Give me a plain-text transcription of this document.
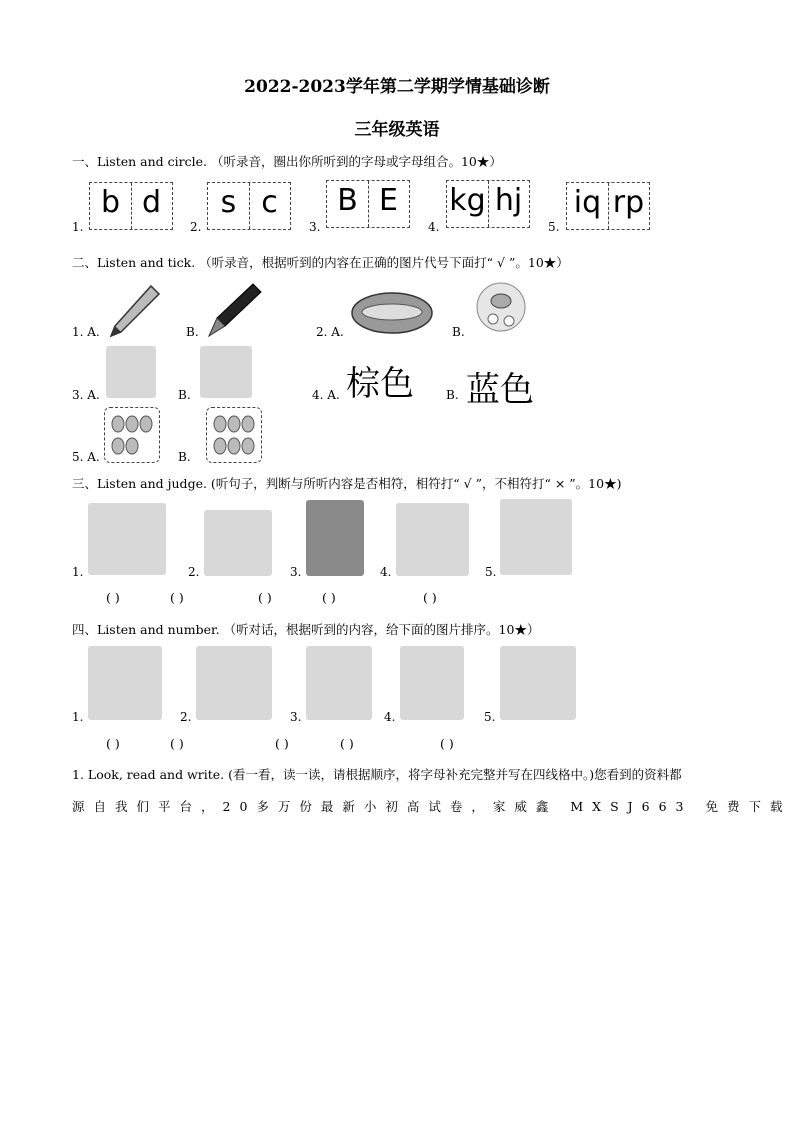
2022-2023学年第二学期学情基础诊断
三年级英语
一、Listen and circle. （听录音，圈出你所听到的字母或字母组合。10★）
1.
b d
2.
s c
3.
B E
4.
kg hj
5.
iq rp
二、Listen and tick. （听录音，根据听到的内容在正确的图片代号下面打“ √ ”。10★）
1. A.	B.	2. A.	B.
3. A.	B.	4. A. 棕色	B. 蓝色
5. A.	B.
三、Listen and judge. (听句子，判断与所听内容是否相符，相符打“ √ ”，不相符打“ × ”。10★)
1.	2.	3.	4.	5.
( )	( )	( )	( )	( )
四、Listen and number. （听对话，根据听到的内容，给下面的图片排序。10★）
1.	2.	3.	4.	5.
( )	( )	( )	( )	( )
1. Look, read and write. (看一看，读一读，请根据顺序，将字母补充完整并写在四线格中。)您看到的资料都
源自我们平台，20多万份最新小初高试卷，家威鑫 MXSJ663 免费下载
